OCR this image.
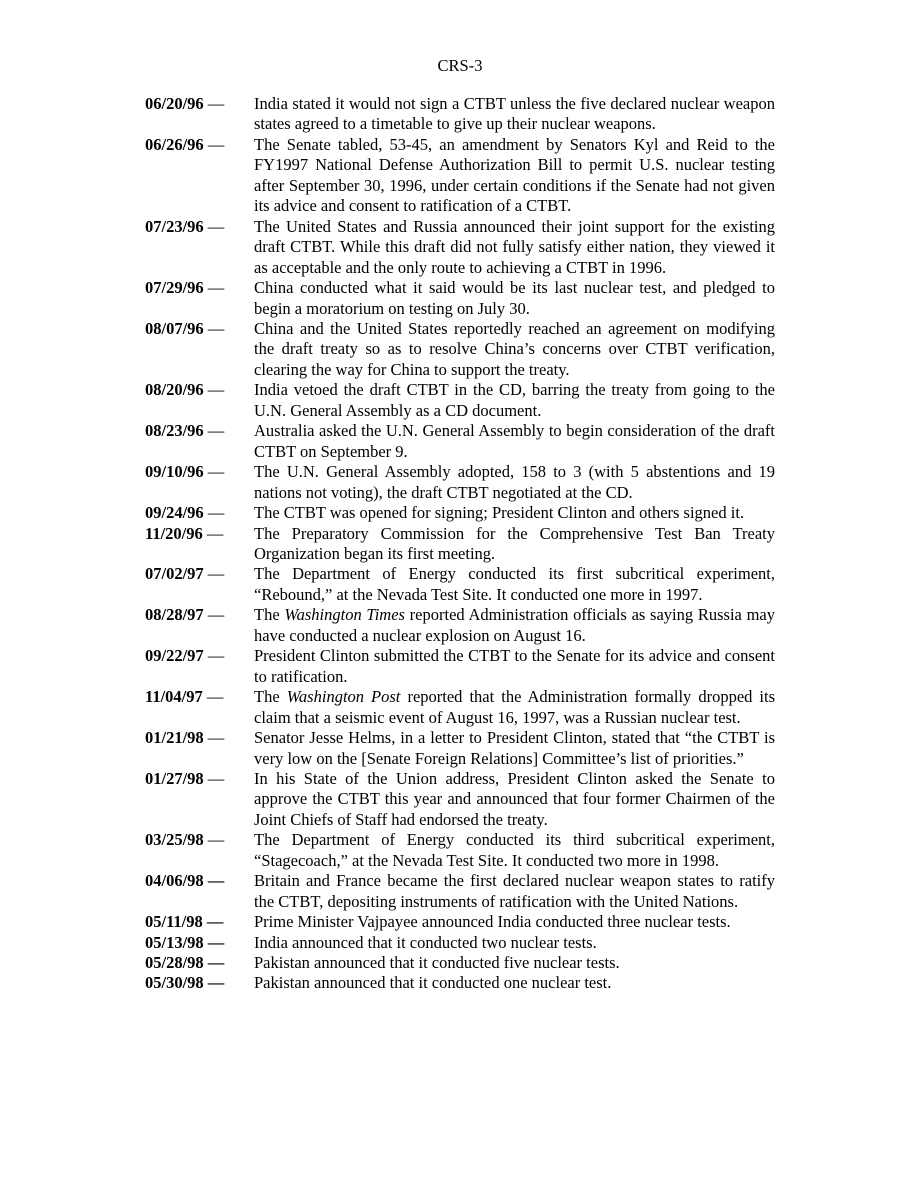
CRS-3
06/20/96 — India stated it would not sign a CTBT unless the five declared nuclear weapon states agreed to a timetable to give up their nuclear weapons.
06/26/96 — The Senate tabled, 53-45, an amendment by Senators Kyl and Reid to the FY1997 National Defense Authorization Bill to permit U.S. nuclear testing after September 30, 1996, under certain conditions if the Senate had not given its advice and consent to ratification of a CTBT.
07/23/96 — The United States and Russia announced their joint support for the existing draft CTBT. While this draft did not fully satisfy either nation, they viewed it as acceptable and the only route to achieving a CTBT in 1996.
07/29/96 — China conducted what it said would be its last nuclear test, and pledged to begin a moratorium on testing on July 30.
08/07/96 — China and the United States reportedly reached an agreement on modifying the draft treaty so as to resolve China’s concerns over CTBT verification, clearing the way for China to support the treaty.
08/20/96 — India vetoed the draft CTBT in the CD, barring the treaty from going to the U.N. General Assembly as a CD document.
08/23/96 — Australia asked the U.N. General Assembly to begin consideration of the draft CTBT on September 9.
09/10/96 — The U.N. General Assembly adopted, 158 to 3 (with 5 abstentions and 19 nations not voting), the draft CTBT negotiated at the CD.
09/24/96 — The CTBT was opened for signing; President Clinton and others signed it.
11/20/96 — The Preparatory Commission for the Comprehensive Test Ban Treaty Organization began its first meeting.
07/02/97 — The Department of Energy conducted its first subcritical experiment, “Rebound,” at the Nevada Test Site. It conducted one more in 1997.
08/28/97 — The Washington Times reported Administration officials as saying Russia may have conducted a nuclear explosion on August 16.
09/22/97 — President Clinton submitted the CTBT to the Senate for its advice and consent to ratification.
11/04/97 — The Washington Post reported that the Administration formally dropped its claim that a seismic event of August 16, 1997, was a Russian nuclear test.
01/21/98 — Senator Jesse Helms, in a letter to President Clinton, stated that “the CTBT is very low on the [Senate Foreign Relations] Committee’s list of priorities.”
01/27/98 — In his State of the Union address, President Clinton asked the Senate to approve the CTBT this year and announced that four former Chairmen of the Joint Chiefs of Staff had endorsed the treaty.
03/25/98 — The Department of Energy conducted its third subcritical experiment, “Stagecoach,” at the Nevada Test Site. It conducted two more in 1998.
04/06/98 — Britain and France became the first declared nuclear weapon states to ratify the CTBT, depositing instruments of ratification with the United Nations.
05/11/98 — Prime Minister Vajpayee announced India conducted three nuclear tests.
05/13/98 — India announced that it conducted two nuclear tests.
05/28/98 — Pakistan announced that it conducted five nuclear tests.
05/30/98 — Pakistan announced that it conducted one nuclear test.
